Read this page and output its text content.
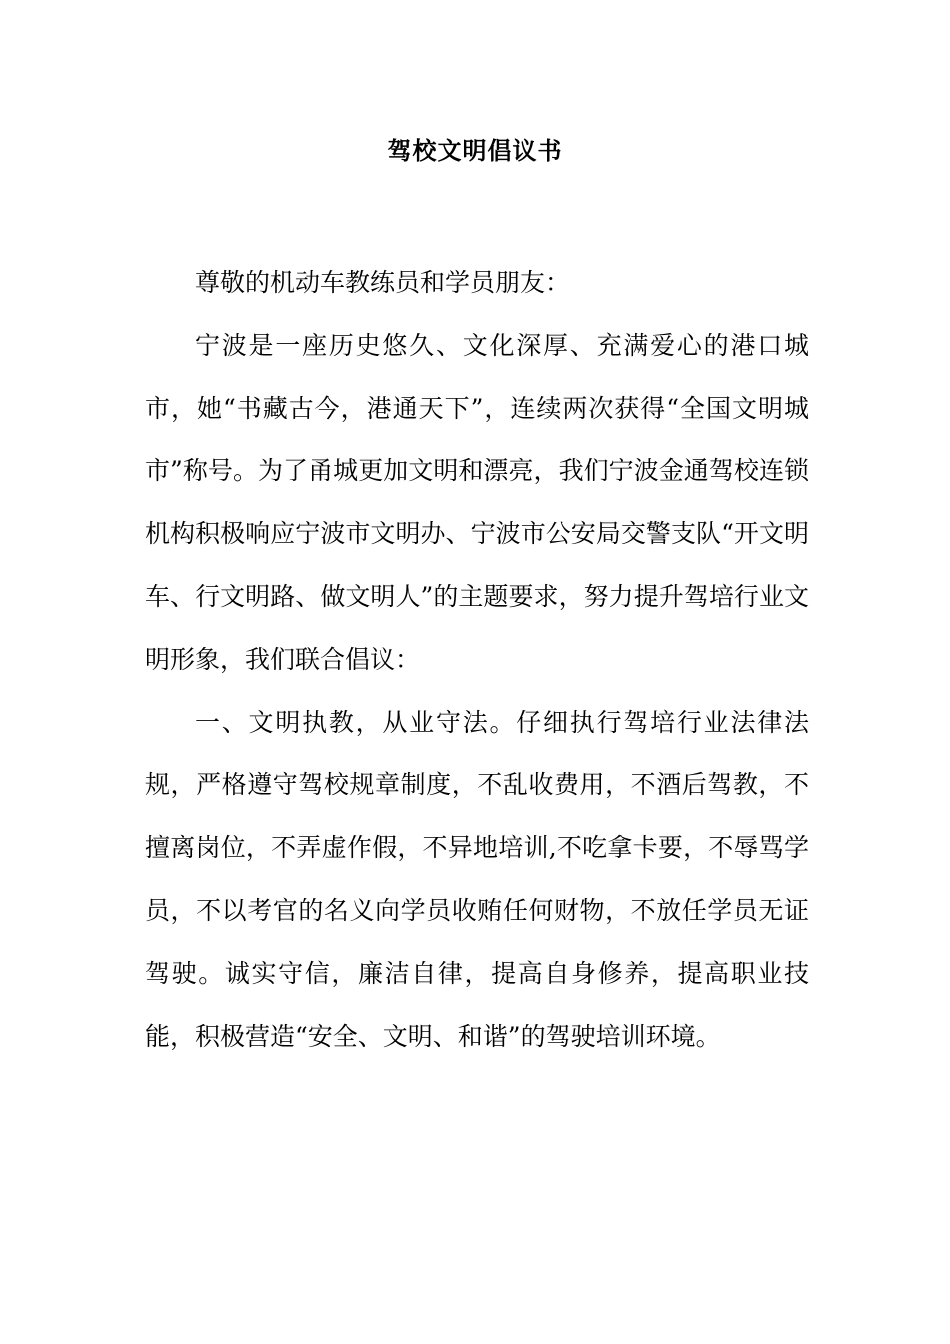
驾校文明倡议书

尊敬的机动车教练员和学员朋友：

宁波是一座历史悠久、文化深厚、充满爱心的港口城市，她“书藏古今，港通天下”，连续两次获得“全国文明城市”称号。为了甬城更加文明和漂亮，我们宁波金通驾校连锁机构积极响应宁波市文明办、宁波市公安局交警支队“开文明车、行文明路、做文明人”的主题要求，努力提升驾培行业文明形象，我们联合倡议：

一、文明执教，从业守法。仔细执行驾培行业法律法规，严格遵守驾校规章制度，不乱收费用，不酒后驾教，不擅离岗位，不弄虚作假，不异地培训,不吃拿卡要，不辱骂学员，不以考官的名义向学员收贿任何财物，不放任学员无证驾驶。诚实守信，廉洁自律，提高自身修养，提高职业技能，积极营造“安全、文明、和谐”的驾驶培训环境。
